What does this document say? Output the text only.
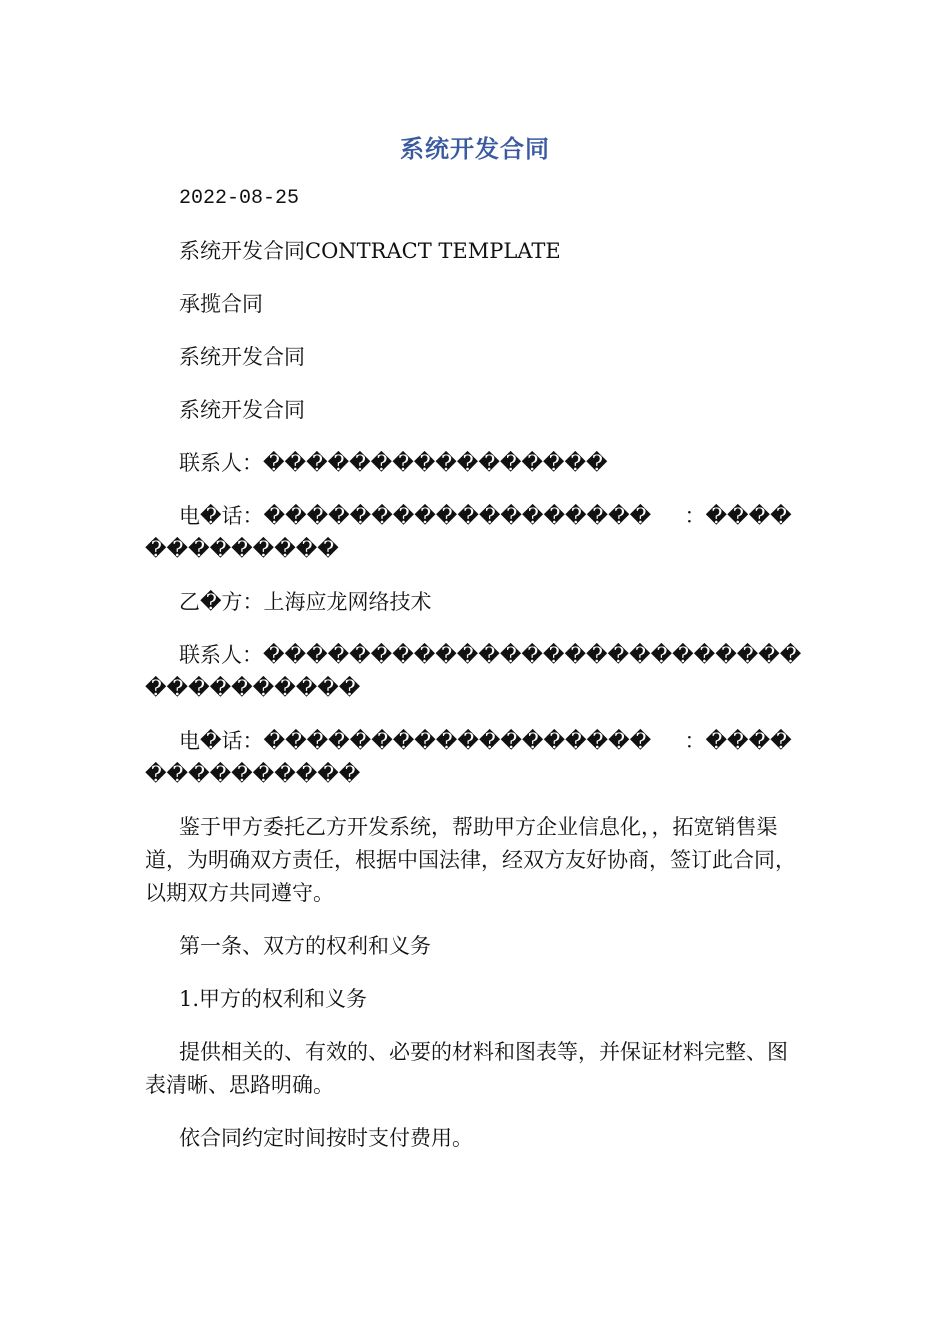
系统开发合同

2022-08-25

系统开发合同CONTRACT TEMPLATE

承揽合同

系统开发合同

系统开发合同

联系人：����������������

电�话：������������������     ：�������������

乙�方：上海应龙网络技术

联系人：�����������������������������������

电�话：������������������     ：��������������

鉴于甲方委托乙方开发系统，帮助甲方企业信息化，，拓宽销售渠道，为明确双方责任，根据中国法律，经双方友好协商，签订此合同，以期双方共同遵守。

第一条、双方的权利和义务

1.甲方的权利和义务

提供相关的、有效的、必要的材料和图表等，并保证材料完整、图表清晰、思路明确。

依合同约定时间按时支付费用。
